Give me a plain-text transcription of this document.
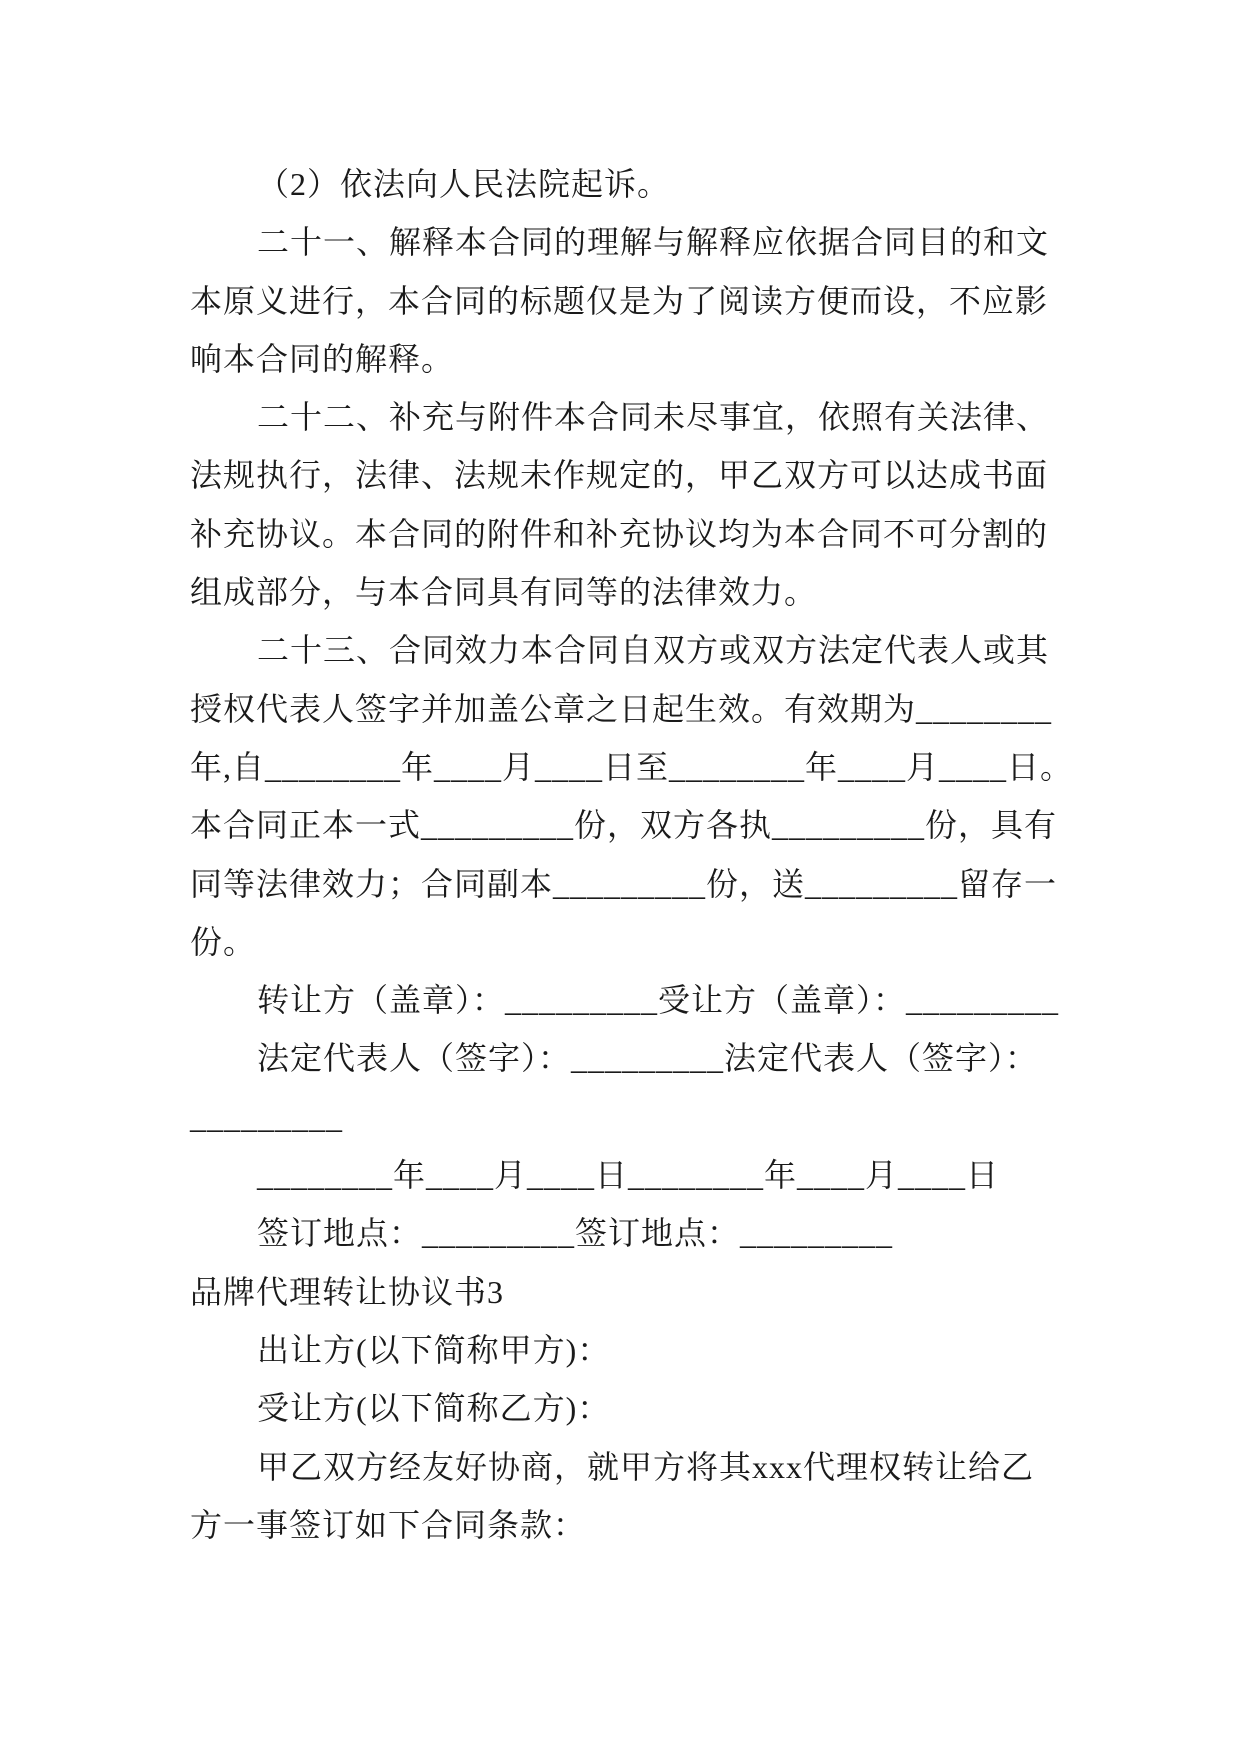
（2）依法向人民法院起诉。
二十一、解释本合同的理解与解释应依据合同目的和文
本原义进行，本合同的标题仅是为了阅读方便而设，不应影
响本合同的解释。
二十二、补充与附件本合同未尽事宜，依照有关法律、
法规执行，法律、法规未作规定的，甲乙双方可以达成书面
补充协议。本合同的附件和补充协议均为本合同不可分割的
组成部分，与本合同具有同等的法律效力。
二十三、合同效力本合同自双方或双方法定代表人或其
授权代表人签字并加盖公章之日起生效。有效期为________
年,自________年____月____日至________年____月____日。
本合同正本一式_________份，双方各执_________份，具有
同等法律效力；合同副本_________份，送_________留存一
份。
转让方（盖章）：_________受让方（盖章）：_________
法定代表人（签字）：_________法定代表人（签字）：
_________
________年____月____日________年____月____日
签订地点：_________签订地点：_________
品牌代理转让协议书3
出让方(以下简称甲方)：
受让方(以下简称乙方)：
甲乙双方经友好协商，就甲方将其xxx代理权转让给乙
方一事签订如下合同条款：
